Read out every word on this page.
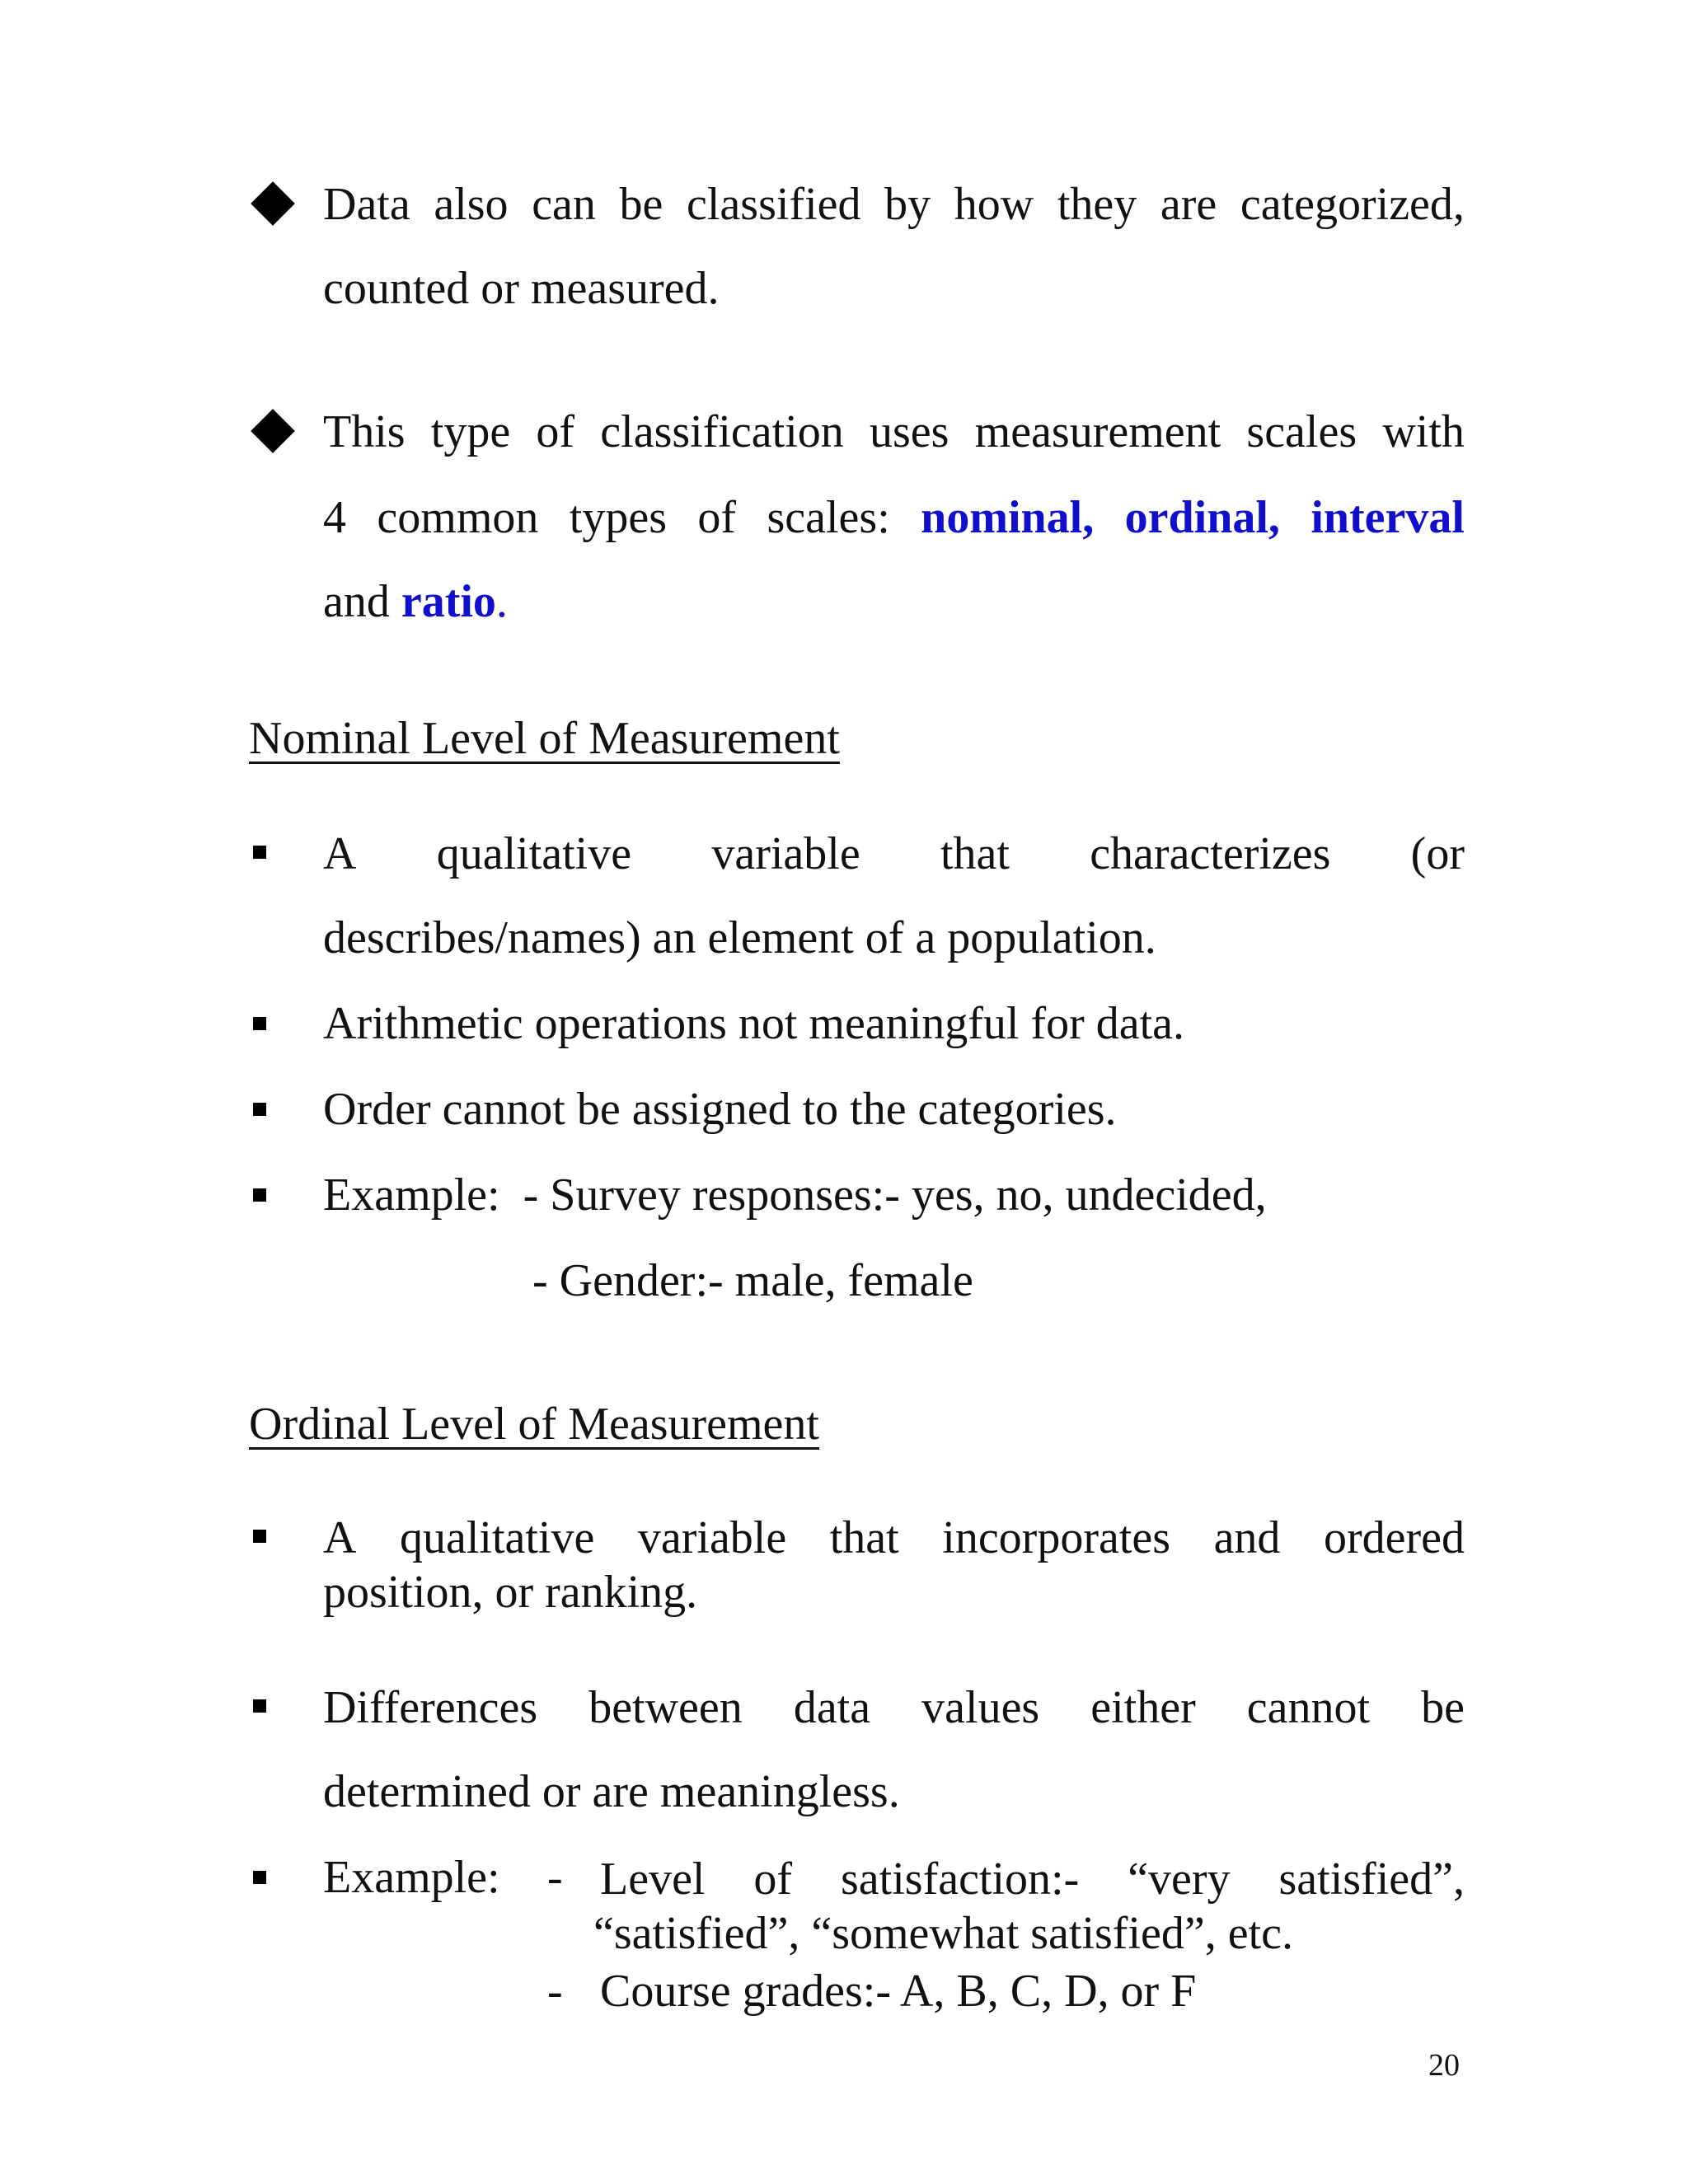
Data also can be classified by how they are categorized,
counted or measured.
This type of classification uses measurement scales with
4 common types of scales: nominal, ordinal, interval
and ratio.
Nominal Level of Measurement
A qualitative variable that characterizes (or
describes/names) an element of a population.
Arithmetic operations not meaningful for data.
Order cannot be assigned to the categories.
Example:  - Survey responses:- yes, no, undecided,
- Gender:- male, female
Ordinal Level of Measurement
A qualitative variable that incorporates and ordered
position, or ranking.
Differences between data values either cannot be
determined or are meaningless.
Example: - Level of satisfaction:- “very satisfied”,
“satisfied”, “somewhat satisfied”, etc.
- Course grades:- A, B, C, D, or F
20
